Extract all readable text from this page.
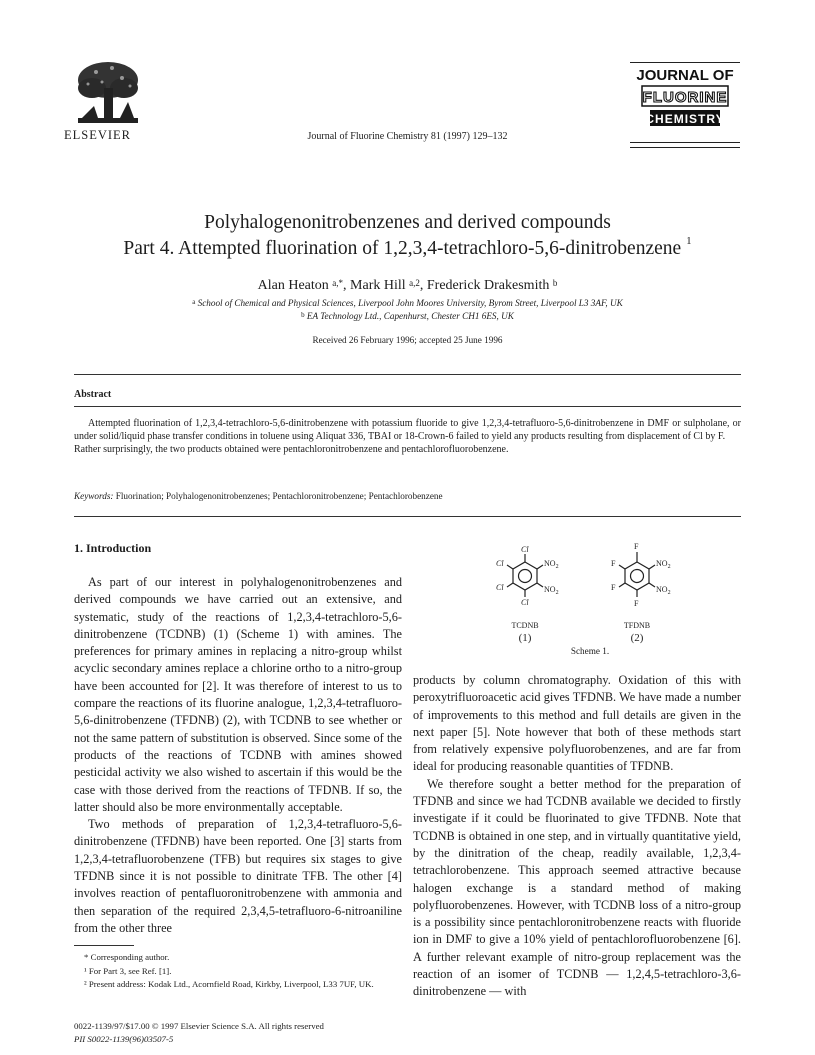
ELSEVIER	Journal of Fluorine Chemistry 81 (1997) 129–132
JOURNAL OF
FLUORINE
CHEMISTRY
Polyhalogenonitrobenzenes and derived compounds
Part 4. Attempted fluorination of 1,2,3,4-tetrachloro-5,6-dinitrobenzene $^1$
Alan Heaton $^{a,*}$, Mark Hill $^{a,2}$, Frederick Drakesmith $^b$
$^a$ School of Chemical and Physical Sciences, Liverpool John Moores University, Byrom Street, Liverpool L3 3AF, UK
$^b$ EA Technology Ltd., Capenhurst, Chester CH1 6ES, UK
Received 26 February 1996; accepted 25 June 1996
Abstract

Attempted fluorination of 1,2,3,4-tetrachloro-5,6-dinitrobenzene with potassium fluoride to give 1,2,3,4-tetrafluoro-5,6-dinitrobenzene in DMF or sulpholane, or under solid/liquid phase transfer conditions in toluene using Aliquat 336, TBAI or 18-Crown-6 failed to yield any products resulting from displacement of Cl by F.

Rather surprisingly, the two products obtained were pentachloronitrobenzene and pentachlorofluorobenzene.

Keywords: Fluorination; Polyhalogenonitrobenzenes; Pentachloronitrobenzene; Pentachlorobenzene
1. Introduction

As part of our interest in polyhalogenonitrobenzenes and derived compounds we have carried out an extensive, and systematic, study of the reactions of 1,2,3,4-tetrachloro-5,6-dinitrobenzene (TCDNB) (1) (Scheme 1) with amines. The preferences for primary amines in replacing a nitro-group whilst acyclic secondary amines replace a chlorine ortho to a nitro-group have been accounted for [2]. It was therefore of interest to us to compare the reactions of its fluorine analogue, 1,2,3,4-tetrafluoro-5,6-dinitrobenzene (TFDNB) (2), with TCDNB to see whether or not the same pattern of substitution is observed. Since some of the products of the reactions of TCDNB with amines showed pesticidal activity we also wished to ascertain if this would be the case with those derived from the reactions of TFDNB. If so, the latter should also be more environmentally acceptable.

Two methods of preparation of 1,2,3,4-tetrafluoro-5,6-dinitrobenzene (TFDNB) have been reported. One [3] starts from 1,2,3,4-tetrafluorobenzene (TFB) but requires six stages to give TFDNB since it is not possible to dinitrate TFB. The other [4] involves reaction of pentafluoronitrobenzene with ammonia and then separation of the required 2,3,4,5-tetrafluoro-6-nitroaniline from the other three

* Corresponding author.
¹ For Part 3, see Ref. [1].
² Present address: Kodak Ltd., Acornfield Road, Kirkby, Liverpool, L33 7UF, UK.
0022-1139/97/$17.00 © 1997 Elsevier Science S.A. All rights reserved
PII S0022-1139(96)03507-5
Cl
$NO_2$
$NO_2$
Cl
Cl
Cl
TCDNB
(1)
F
$NO_2$
$NO_2$
F
F
F
TFDNB
(2)
Scheme 1.

products by column chromatography. Oxidation of this with peroxytrifluoroacetic acid gives TFDNB. We have made a number of improvements to this method and full details are given in the next paper [5]. Note however that both of these methods start from relatively expensive polyfluorobenzenes, and are far from ideal for producing reasonable quantities of TFDNB.

We therefore sought a better method for the preparation of TFDNB and since we had TCDNB available we decided to firstly investigate if it could be fluorinated to give TFDNB. Note that TCDNB is obtained in one step, and in virtually quantitative yield, by the dinitration of the cheap, readily available, 1,2,3,4-tetrachlorobenzene. This approach seemed attractive because halogen exchange is a standard method of making polyfluorobenzenes. However, with TCDNB loss of a nitro-group is a possibility since pentachloronitrobenzene reacts with fluoride ion in DMF to give a 10% yield of pentachlorofluorobenzene [6]. A further relevant example of nitro-group replacement was the reaction of an isomer of TCDNB — 1,2,4,5-tetrachloro-3,6-dinitrobenzene — with
